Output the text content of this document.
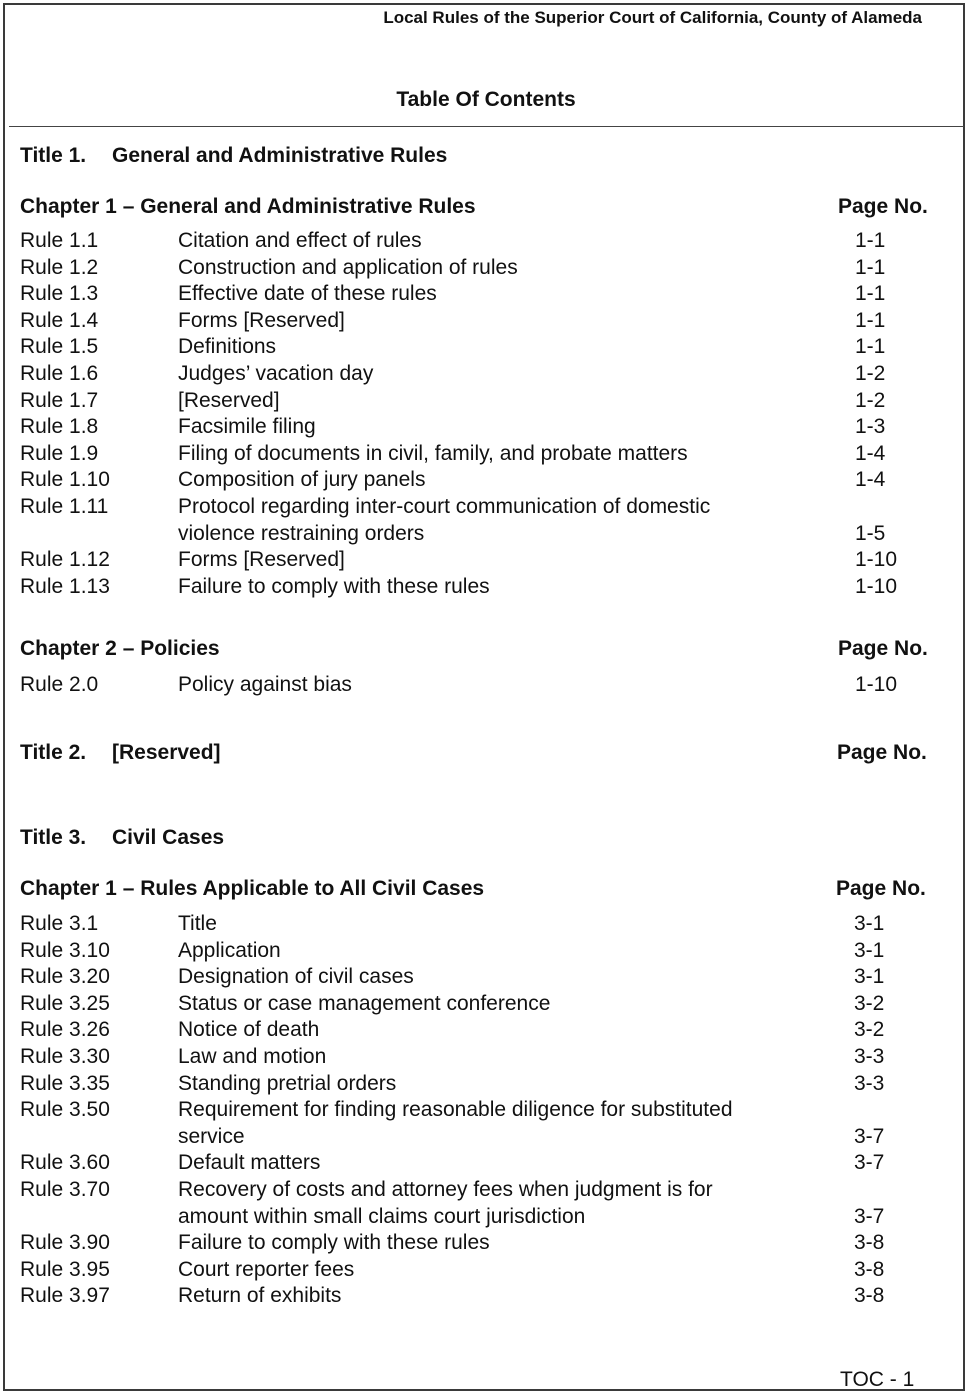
Local Rules of the Superior Court of California, County of Alameda
Table Of Contents
Title 1. General and Administrative Rules
Chapter 1 – General and Administrative Rules	Page No.
Rule 1.1	Citation and effect of rules	1-1
Rule 1.2	Construction and application of rules	1-1
Rule 1.3	Effective date of these rules	1-1
Rule 1.4	Forms [Reserved]	1-1
Rule 1.5	Definitions	1-1
Rule 1.6	Judges’ vacation day	1-2
Rule 1.7	[Reserved]	1-2
Rule 1.8	Facsimile filing	1-3
Rule 1.9	Filing of documents in civil, family, and probate matters	1-4
Rule 1.10	Composition of jury panels	1-4
Rule 1.11	Protocol regarding inter-court communication of domestic
violence restraining orders	1-5
Rule 1.12	Forms [Reserved]	1-10
Rule 1.13	Failure to comply with these rules	1-10
Chapter 2 – Policies	Page No.
Rule 2.0	Policy against bias	1-10
Title 2. [Reserved]	Page No.
Title 3. Civil Cases
Chapter 1 – Rules Applicable to All Civil Cases	Page No.
Rule 3.1	Title	3-1
Rule 3.10	Application	3-1
Rule 3.20	Designation of civil cases	3-1
Rule 3.25	Status or case management conference	3-2
Rule 3.26	Notice of death	3-2
Rule 3.30	Law and motion	3-3
Rule 3.35	Standing pretrial orders	3-3
Rule 3.50	Requirement for finding reasonable diligence for substituted
service	3-7
Rule 3.60	Default matters	3-7
Rule 3.70	Recovery of costs and attorney fees when judgment is for
amount within small claims court jurisdiction	3-7
Rule 3.90	Failure to comply with these rules	3-8
Rule 3.95	Court reporter fees	3-8
Rule 3.97	Return of exhibits	3-8
TOC - 1
